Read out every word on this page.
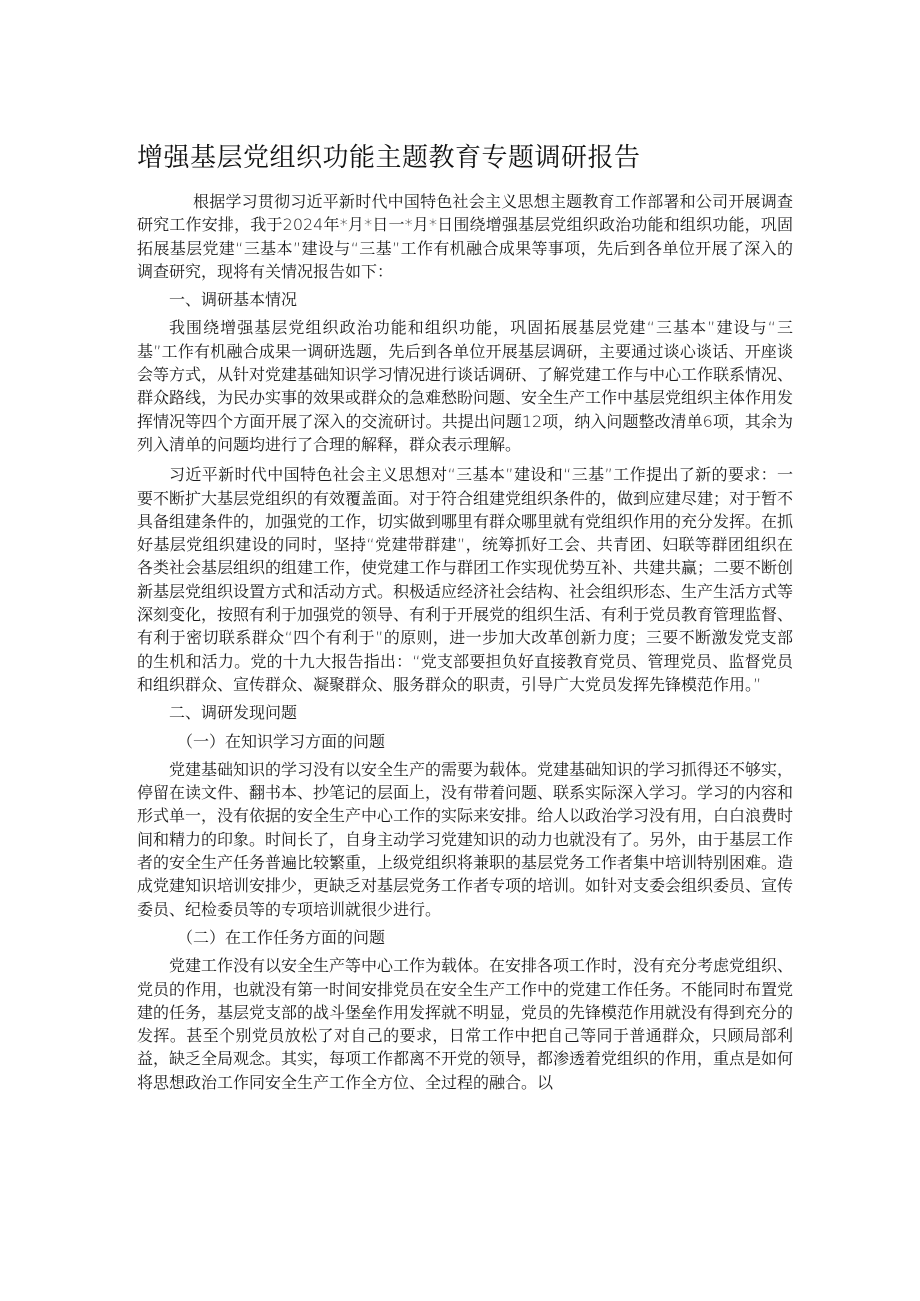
增强基层党组织功能主题教育专题调研报告

根据学习贯彻习近平新时代中国特色社会主义思想主题教育工作部署和公司开展调查研究工作安排，我于2024年*月*日一*月*日围绕增强基层党组织政治功能和组织功能，巩固拓展基层党建“三基本”建设与“三基”工作有机融合成果等事项，先后到各单位开展了深入的调查研究，现将有关情况报告如下：

一、调研基本情况

我围绕增强基层党组织政治功能和组织功能，巩固拓展基层党建“三基本”建设与“三基”工作有机融合成果一调研选题，先后到各单位开展基层调研，主要通过谈心谈话、开座谈会等方式，从针对党建基础知识学习情况进行谈话调研、了解党建工作与中心工作联系情况、群众路线，为民办实事的效果或群众的急难愁盼问题、安全生产工作中基层党组织主体作用发挥情况等四个方面开展了深入的交流研讨。共提出问题12项，纳入问题整改清单6项，其余为列入清单的问题均进行了合理的解释，群众表示理解。

习近平新时代中国特色社会主义思想对“三基本”建设和“三基”工作提出了新的要求：一要不断扩大基层党组织的有效覆盖面。对于符合组建党组织条件的，做到应建尽建；对于暂不具备组建条件的，加强党的工作，切实做到哪里有群众哪里就有党组织作用的充分发挥。在抓好基层党组织建设的同时，坚持“党建带群建”，统筹抓好工会、共青团、妇联等群团组织在各类社会基层组织的组建工作，使党建工作与群团工作实现优势互补、共建共赢；二要不断创新基层党组织设置方式和活动方式。积极适应经济社会结构、社会组织形态、生产生活方式等深刻变化，按照有利于加强党的领导、有利于开展党的组织生活、有利于党员教育管理监督、有利于密切联系群众“四个有利于”的原则，进一步加大改革创新力度；三要不断激发党支部的生机和活力。党的十九大报告指出：“党支部要担负好直接教育党员、管理党员、监督党员和组织群众、宣传群众、凝聚群众、服务群众的职责，引导广大党员发挥先锋模范作用。”

二、调研发现问题

（一）在知识学习方面的问题

党建基础知识的学习没有以安全生产的需要为载体。党建基础知识的学习抓得还不够实，停留在读文件、翻书本、抄笔记的层面上，没有带着问题、联系实际深入学习。学习的内容和形式单一，没有依据的安全生产中心工作的实际来安排。给人以政治学习没有用，白白浪费时间和精力的印象。时间长了，自身主动学习党建知识的动力也就没有了。另外，由于基层工作者的安全生产任务普遍比较繁重，上级党组织将兼职的基层党务工作者集中培训特别困难。造成党建知识培训安排少，更缺乏对基层党务工作者专项的培训。如针对支委会组织委员、宣传委员、纪检委员等的专项培训就很少进行。

（二）在工作任务方面的问题

党建工作没有以安全生产等中心工作为载体。在安排各项工作时，没有充分考虑党组织、党员的作用，也就没有第一时间安排党员在安全生产工作中的党建工作任务。不能同时布置党建的任务，基层党支部的战斗堡垒作用发挥就不明显，党员的先锋模范作用就没有得到充分的发挥。甚至个别党员放松了对自己的要求，日常工作中把自己等同于普通群众，只顾局部利益，缺乏全局观念。其实，每项工作都离不开党的领导，都渗透着党组织的作用，重点是如何将思想政治工作同安全生产工作全方位、全过程的融合。以
